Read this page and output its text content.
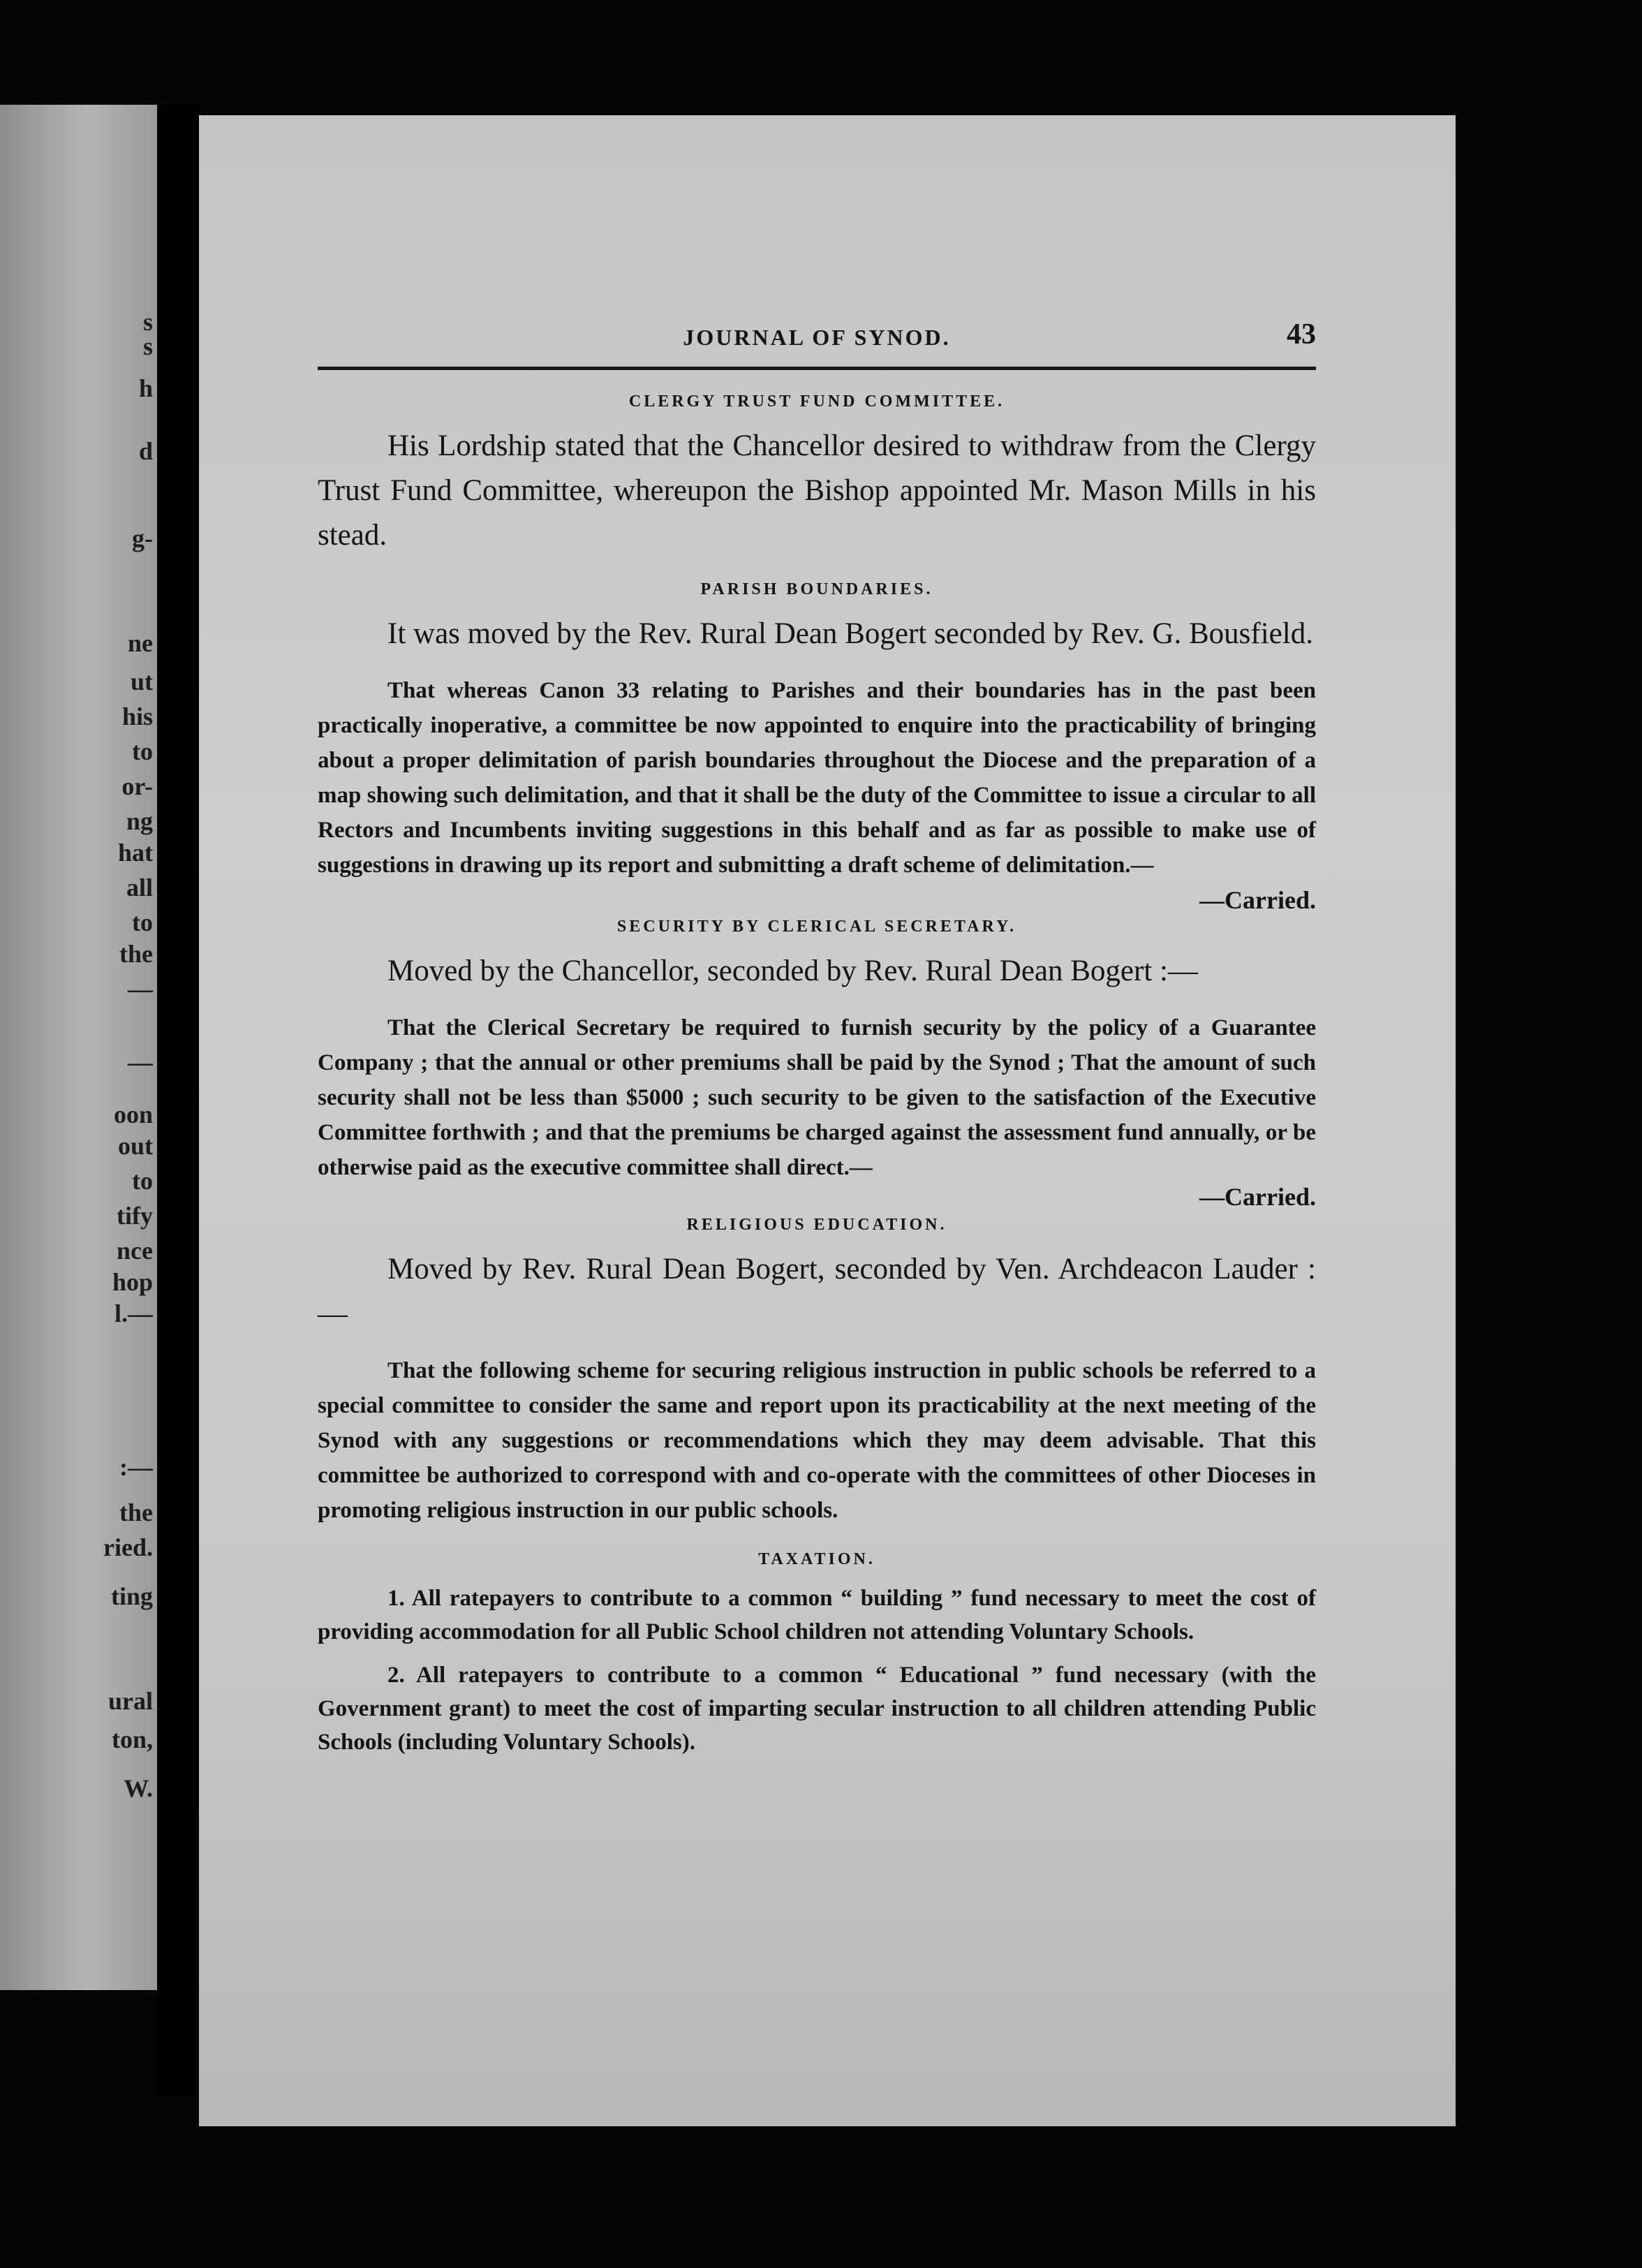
s
s
h
d
g-
ne
ut
his
to
or-
ng
hat
all
to
the
—
—
oon
out
to
tify
nce
hop
l.—
:—
the
ried.
ting
ural
ton,
W.
JOURNAL OF SYNOD.	43
CLERGY TRUST FUND COMMITTEE.

His Lordship stated that the Chancellor desired to withdraw from the Clergy Trust Fund Committee, whereupon the Bishop appointed Mr. Mason Mills in his stead.

PARISH BOUNDARIES.

It was moved by the Rev. Rural Dean Bogert seconded by Rev. G. Bousfield.

That whereas Canon 33 relating to Parishes and their boundaries has in the past been practically inoperative, a committee be now appointed to enquire into the practicability of bringing about a proper delimitation of parish boundaries throughout the Diocese and the preparation of a map showing such delimitation, and that it shall be the duty of the Committee to issue a circular to all Rectors and Incumbents inviting suggestions in this behalf and as far as possible to make use of suggestions in drawing up its report and submitting a draft scheme of delimitation.—
—Carried.

SECURITY BY CLERICAL SECRETARY.

Moved by the Chancellor, seconded by Rev. Rural Dean Bogert :—

That the Clerical Secretary be required to furnish security by the policy of a Guarantee Company ; that the annual or other premiums shall be paid by the Synod ; That the amount of such security shall not be less than $5000 ; such security to be given to the satisfaction of the Executive Committee forthwith ; and that the premiums be charged against the assessment fund annually, or be otherwise paid as the executive committee shall direct.—

—Carried.
RELIGIOUS EDUCATION.

Moved by Rev. Rural Dean Bogert, seconded by Ven. Archdeacon Lauder :—

That the following scheme for securing religious instruction in public schools be referred to a special committee to consider the same and report upon its practicability at the next meeting of the Synod with any suggestions or recommendations which they may deem advisable. That this committee be authorized to correspond with and co-operate with the committees of other Dioceses in promoting religious instruction in our public schools.

TAXATION.

1. All ratepayers to contribute to a common “ building ” fund necessary to meet the cost of providing accommodation for all Public School children not attending Voluntary Schools.

2. All ratepayers to contribute to a common “ Educational ” fund necessary (with the Government grant) to meet the cost of imparting secular instruction to all children attending Public Schools (including Voluntary Schools).
